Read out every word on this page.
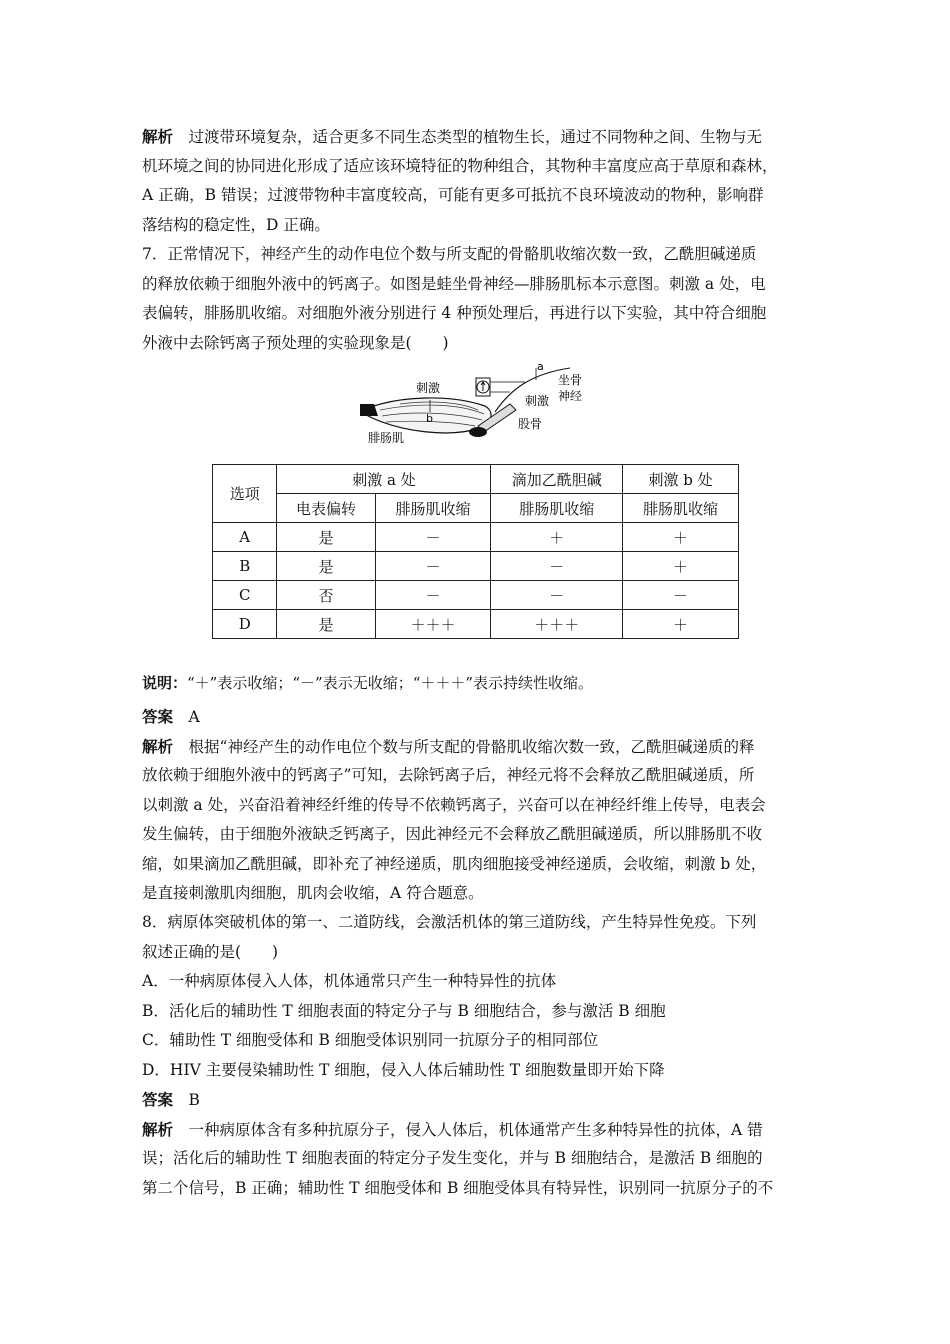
解析　 过渡带环境复杂，适合更多不同生态类型的植物生长，通过不同物种之间、生物与无
机环境之间的协同进化形成了适应该环境特征的物种组合，其物种丰富度应高于草原和森林，
A 正确，B 错误；过渡带物种丰富度较高，可能有更多可抵抗不良环境波动的物种，影响群
落结构的稳定性，D 正确。
7．正常情况下，神经产生的动作电位个数与所支配的骨骼肌收缩次数一致，乙酰胆碱递质
的释放依赖于细胞外液中的钙离子。如图是蛙坐骨神经—腓肠肌标本示意图。刺激 a 处，电
表偏转，腓肠肌收缩。对细胞外液分别进行 4 种预处理后，再进行以下实验，其中符合细胞
外液中去除钙离子预处理的实验现象是(　　)
刺激
b
a
腓肠肌
刺激
坐骨
神经
股骨
选项	刺激 a 处		滴加乙酰胆碱	刺激 b 处
	电表偏转	腓肠肌收缩	腓肠肌收缩	腓肠肌收缩
A	是	－	＋	＋
B	是	－	－	＋
C	否	－	－	－
D	是	＋＋＋	＋＋＋	＋
说明：“＋”表示收缩；“－”表示无收缩；“＋＋＋”表示持续性收缩。
答案　 A
解析　 根据“神经产生的动作电位个数与所支配的骨骼肌收缩次数一致，乙酰胆碱递质的释
放依赖于细胞外液中的钙离子”可知，去除钙离子后，神经元将不会释放乙酰胆碱递质，所
以刺激 a 处，兴奋沿着神经纤维的传导不依赖钙离子，兴奋可以在神经纤维上传导，电表会
发生偏转，由于细胞外液缺乏钙离子，因此神经元不会释放乙酰胆碱递质，所以腓肠肌不收
缩，如果滴加乙酰胆碱，即补充了神经递质，肌肉细胞接受神经递质，会收缩，刺激 b 处，
是直接刺激肌肉细胞，肌肉会收缩，A 符合题意。
8．病原体突破机体的第一、二道防线，会激活机体的第三道防线，产生特异性免疫。下列
叙述正确的是(　　)
A．一种病原体侵入人体，机体通常只产生一种特异性的抗体
B．活化后的辅助性 T 细胞表面的特定分子与 B 细胞结合，参与激活 B 细胞
C．辅助性 T 细胞受体和 B 细胞受体识别同一抗原分子的相同部位
D．HIV 主要侵染辅助性 T 细胞，侵入人体后辅助性 T 细胞数量即开始下降
答案　 B
解析　 一种病原体含有多种抗原分子，侵入人体后，机体通常产生多种特异性的抗体，A 错
误；活化后的辅助性 T 细胞表面的特定分子发生变化，并与 B 细胞结合，是激活 B 细胞的
第二个信号，B 正确；辅助性 T 细胞受体和 B 细胞受体具有特异性，识别同一抗原分子的不
